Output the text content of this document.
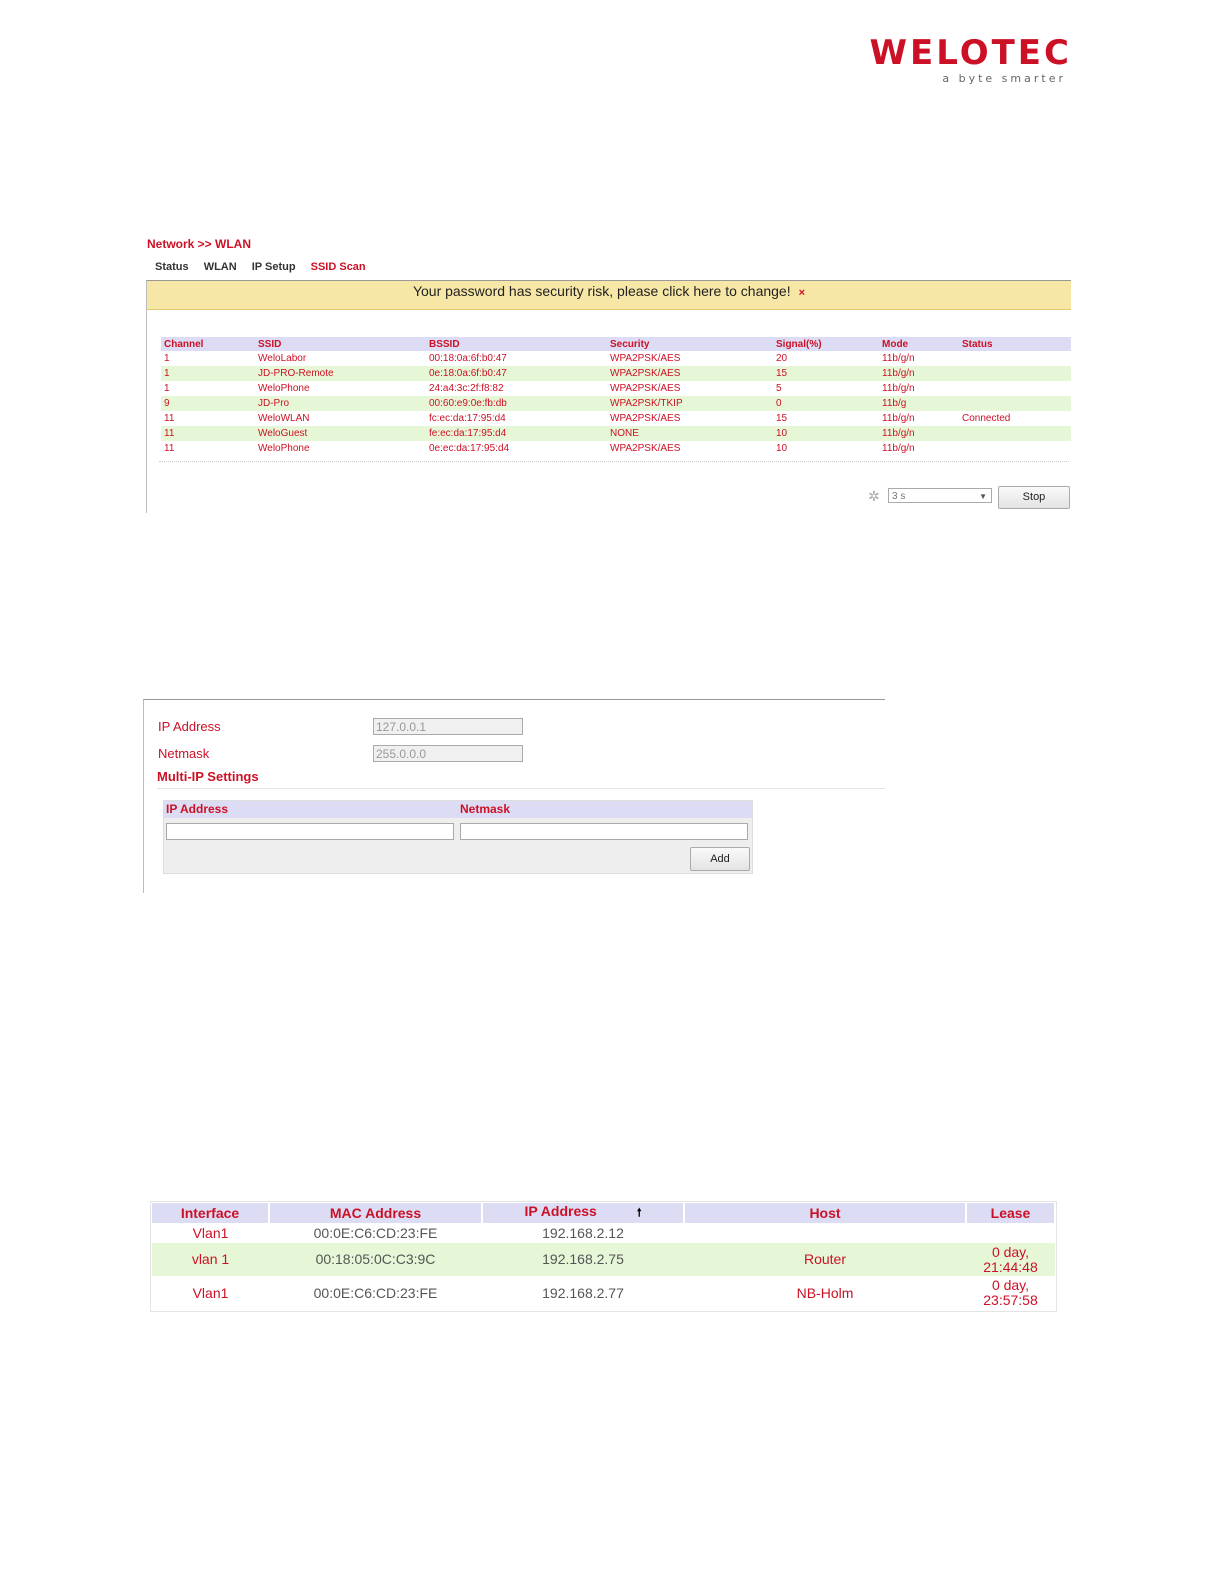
WELOTEC
a byte smarter
Network >> WLAN
Status WLAN IP Setup SSID Scan
Your password has security risk, please click here to change! ×
Channel	SSID	BSSID	Security	Signal(%)	Mode	Status
1	WeloLabor	00:18:0a:6f:b0:47	WPA2PSK/AES	20	11b/g/n	
1	JD-PRO-Remote	0e:18:0a:6f:b0:47	WPA2PSK/AES	15	11b/g/n	
1	WeloPhone	24:a4:3c:2f:f8:82	WPA2PSK/AES	5	11b/g/n	
9	JD-Pro	00:60:e9:0e:fb:db	WPA2PSK/TKIP	0	11b/g	
11	WeloWLAN	fc:ec:da:17:95:d4	WPA2PSK/AES	15	11b/g/n	Connected
11	WeloGuest	fe:ec:da:17:95:d4	NONE	10	11b/g/n	
11	WeloPhone	0e:ec:da:17:95:d4	WPA2PSK/AES	10	11b/g/n	
✲	3 s	▼	Stop
IP Address	127.0.0.1
Netmask	255.0.0.0
Multi-IP Settings
IP Address	Netmask
Add
Interface	MAC Address	IP Address 🠕	Host	Lease
Vlan1	00:0E:C6:CD:23:FE	192.168.2.12		

vlan 1	00:18:05:0C:C3:9C	192.168.2.75	Router	0 day,
21:44:48

Vlan1	00:0E:C6:CD:23:FE	192.168.2.77	NB-Holm	0 day,
23:57:58
